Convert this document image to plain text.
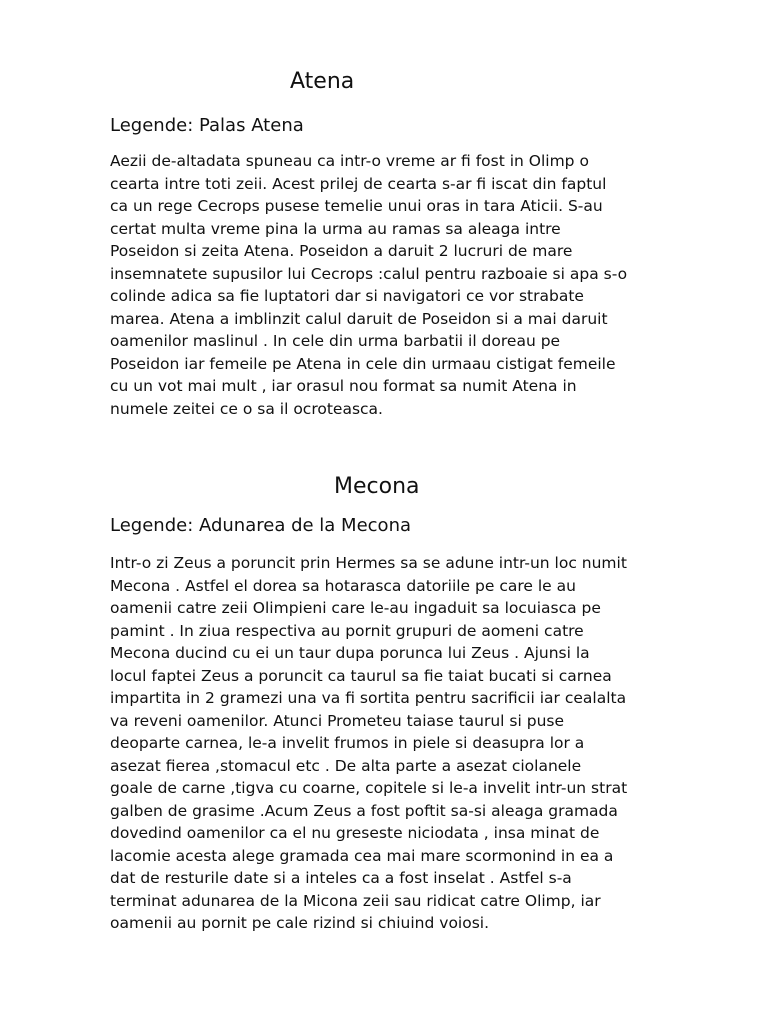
Atena
Legende: Palas Atena
Aezii de-altadata spuneau ca intr-o vreme ar fi fost in Olimp o
cearta intre toti zeii. Acest prilej de cearta s-ar fi iscat din faptul
ca un rege Cecrops pusese temelie unui oras in tara Aticii. S-au
certat multa vreme pina la urma au ramas sa aleaga intre
Poseidon si zeita Atena. Poseidon a daruit 2 lucruri de mare
insemnatete supusilor lui Cecrops :calul pentru razboaie si apa s-o
colinde adica sa fie luptatori dar si navigatori ce vor strabate
marea. Atena a imblinzit calul daruit de Poseidon si a mai daruit
oamenilor maslinul . In cele din urma barbatii il doreau pe
Poseidon iar femeile pe Atena in cele din urmaau cistigat femeile
cu un vot mai mult , iar orasul nou format sa numit Atena in
numele zeitei ce o sa il ocroteasca.
Mecona
Legende: Adunarea de la Mecona
Intr-o zi Zeus a poruncit prin Hermes sa se adune intr-un loc numit
Mecona . Astfel el dorea sa hotarasca datoriile pe care le au
oamenii catre zeii Olimpieni care le-au ingaduit sa locuiasca pe
pamint . In ziua respectiva au pornit grupuri de aomeni catre
Mecona ducind cu ei un taur dupa porunca lui Zeus . Ajunsi la
locul faptei Zeus a poruncit ca taurul sa fie taiat bucati si carnea
impartita in 2 gramezi una va fi sortita pentru sacrificii iar cealalta
va reveni oamenilor. Atunci Prometeu taiase taurul si puse
deoparte carnea, le-a invelit frumos in piele si deasupra lor a
asezat fierea ,stomacul etc . De alta parte a asezat ciolanele
goale de carne ,tigva cu coarne, copitele si le-a invelit intr-un strat
galben de grasime .Acum Zeus a fost poftit sa-si aleaga gramada
dovedind oamenilor ca el nu greseste niciodata , insa minat de
lacomie acesta alege gramada cea mai mare scormonind in ea a
dat de resturile date si a inteles ca a fost inselat . Astfel s-a
terminat adunarea de la Micona zeii sau ridicat catre Olimp, iar
oamenii au pornit pe cale rizind si chiuind voiosi.
